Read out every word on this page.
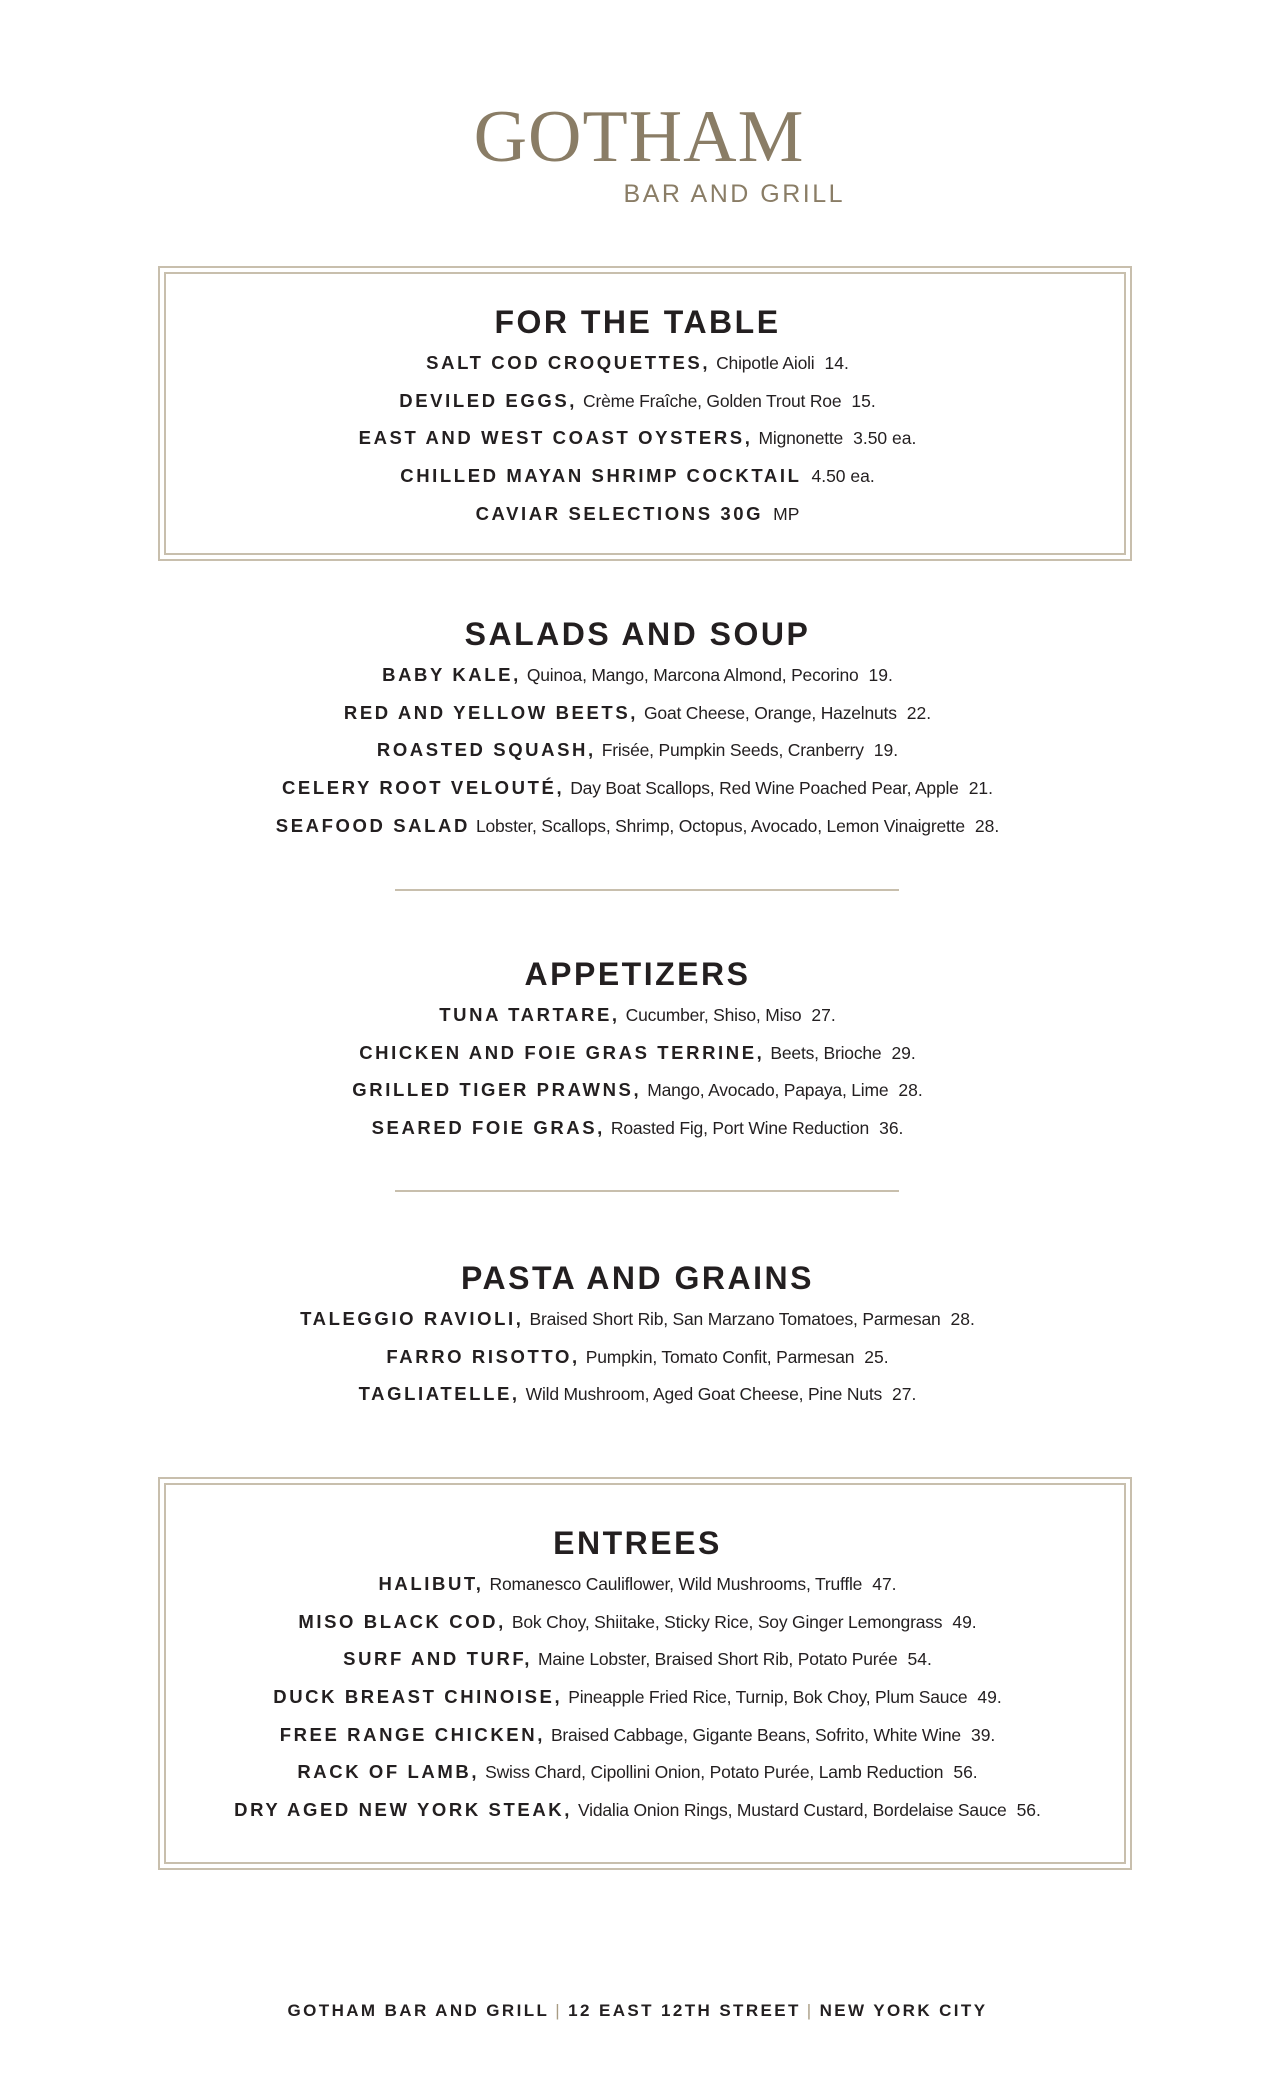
GOTHAM
BAR AND GRILL
FOR THE TABLE
SALT COD CROQUETTES, Chipotle Aioli 14.
DEVILED EGGS, Crème Fraîche, Golden Trout Roe 15.
EAST AND WEST COAST OYSTERS, Mignonette 3.50 ea.
CHILLED MAYAN SHRIMP COCKTAIL 4.50 ea.
CAVIAR SELECTIONS 30G MP
SALADS AND SOUP
BABY KALE, Quinoa, Mango, Marcona Almond, Pecorino 19.
RED AND YELLOW BEETS, Goat Cheese, Orange, Hazelnuts 22.
ROASTED SQUASH, Frisée, Pumpkin Seeds, Cranberry 19.
CELERY ROOT VELOUTÉ, Day Boat Scallops, Red Wine Poached Pear, Apple 21.
SEAFOOD SALAD Lobster, Scallops, Shrimp, Octopus, Avocado, Lemon Vinaigrette 28.
APPETIZERS
TUNA TARTARE, Cucumber, Shiso, Miso 27.
CHICKEN AND FOIE GRAS TERRINE, Beets, Brioche 29.
GRILLED TIGER PRAWNS, Mango, Avocado, Papaya, Lime 28.
SEARED FOIE GRAS, Roasted Fig, Port Wine Reduction 36.
PASTA AND GRAINS
TALEGGIO RAVIOLI, Braised Short Rib, San Marzano Tomatoes, Parmesan 28.
FARRO RISOTTO, Pumpkin, Tomato Confit, Parmesan 25.
TAGLIATELLE, Wild Mushroom, Aged Goat Cheese, Pine Nuts 27.
ENTREES
HALIBUT, Romanesco Cauliflower, Wild Mushrooms, Truffle 47.
MISO BLACK COD, Bok Choy, Shiitake, Sticky Rice, Soy Ginger Lemongrass 49.
SURF AND TURF, Maine Lobster, Braised Short Rib, Potato Purée 54.
DUCK BREAST CHINOISE, Pineapple Fried Rice, Turnip, Bok Choy, Plum Sauce 49.
FREE RANGE CHICKEN, Braised Cabbage, Gigante Beans, Sofrito, White Wine 39.
RACK OF LAMB, Swiss Chard, Cipollini Onion, Potato Purée, Lamb Reduction 56.
DRY AGED NEW YORK STEAK, Vidalia Onion Rings, Mustard Custard, Bordelaise Sauce 56.
GOTHAM BAR AND GRILL | 12 EAST 12TH STREET | NEW YORK CITY
